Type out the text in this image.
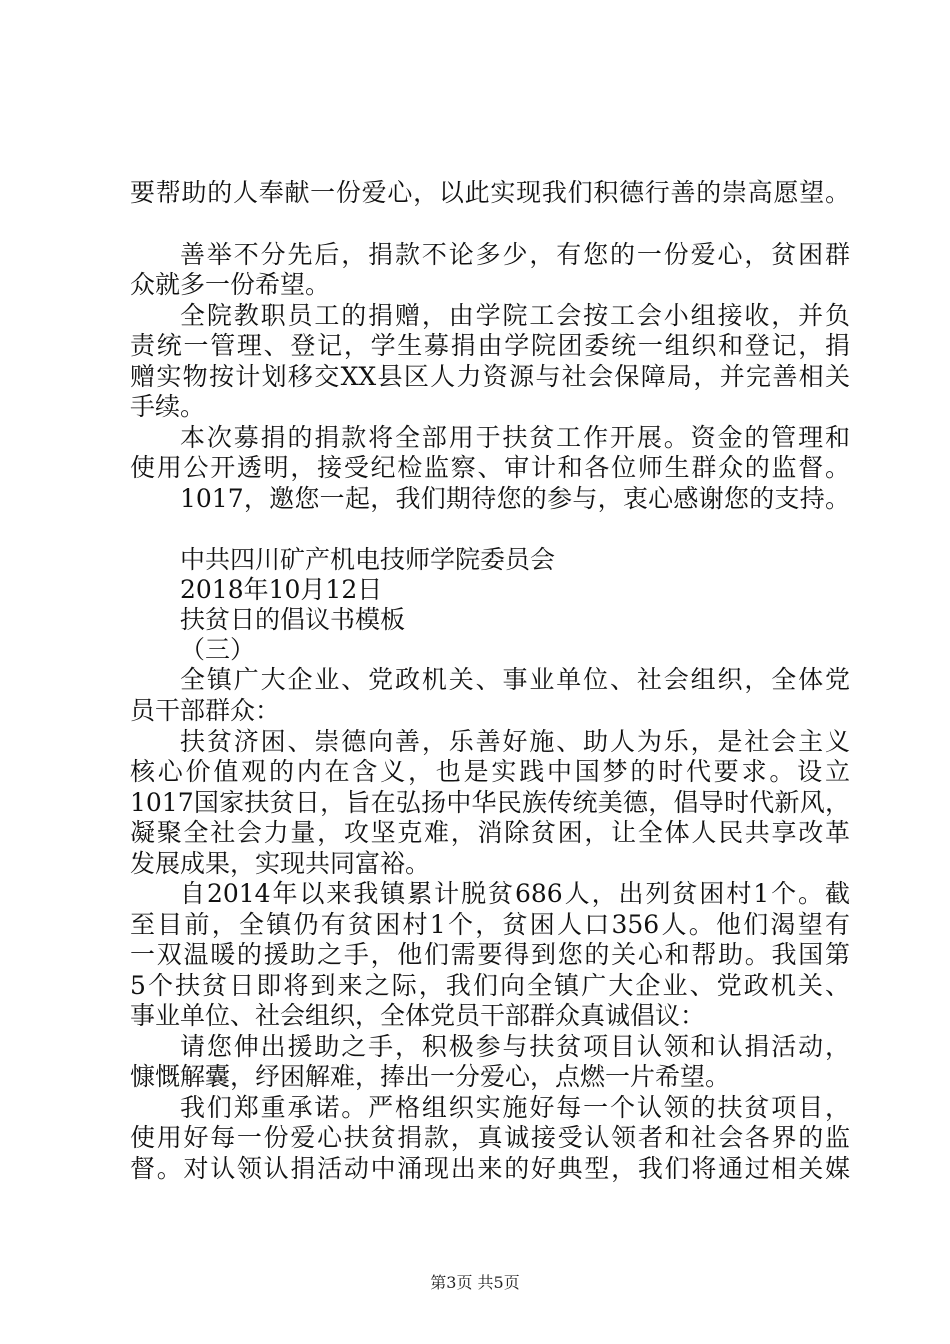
要帮助的人奉献一份爱心，以此实现我们积德行善的崇高愿望。
善举不分先后，捐款不论多少，有您的一份爱心，贫困群
众就多一份希望。
全院教职员工的捐赠，由学院工会按工会小组接收，并负
责统一管理、登记，学生募捐由学院团委统一组织和登记，捐
赠实物按计划移交XX县区人力资源与社会保障局，并完善相关
手续。
本次募捐的捐款将全部用于扶贫工作开展。资金的管理和
使用公开透明，接受纪检监察、审计和各位师生群众的监督。
1017，邀您一起，我们期待您的参与，衷心感谢您的支持。
中共四川矿产机电技师学院委员会
2018年10月12日
扶贫日的倡议书模板
（三）
全镇广大企业、党政机关、事业单位、社会组织，全体党
员干部群众：
扶贫济困、崇德向善，乐善好施、助人为乐，是社会主义
核心价值观的内在含义，也是实践中国梦的时代要求。设立
1017国家扶贫日，旨在弘扬中华民族传统美德，倡导时代新风，
凝聚全社会力量，攻坚克难，消除贫困，让全体人民共享改革
发展成果，实现共同富裕。
自2014年以来我镇累计脱贫686人，出列贫困村1个。截
至目前，全镇仍有贫困村1个，贫困人口356人。他们渴望有
一双温暖的援助之手，他们需要得到您的关心和帮助。我国第
5个扶贫日即将到来之际，我们向全镇广大企业、党政机关、
事业单位、社会组织，全体党员干部群众真诚倡议：
请您伸出援助之手，积极参与扶贫项目认领和认捐活动，
慷慨解囊，纾困解难，捧出一分爱心，点燃一片希望。
我们郑重承诺。严格组织实施好每一个认领的扶贫项目，
使用好每一份爱心扶贫捐款，真诚接受认领者和社会各界的监
督。对认领认捐活动中涌现出来的好典型，我们将通过相关媒
第3页 共5页
